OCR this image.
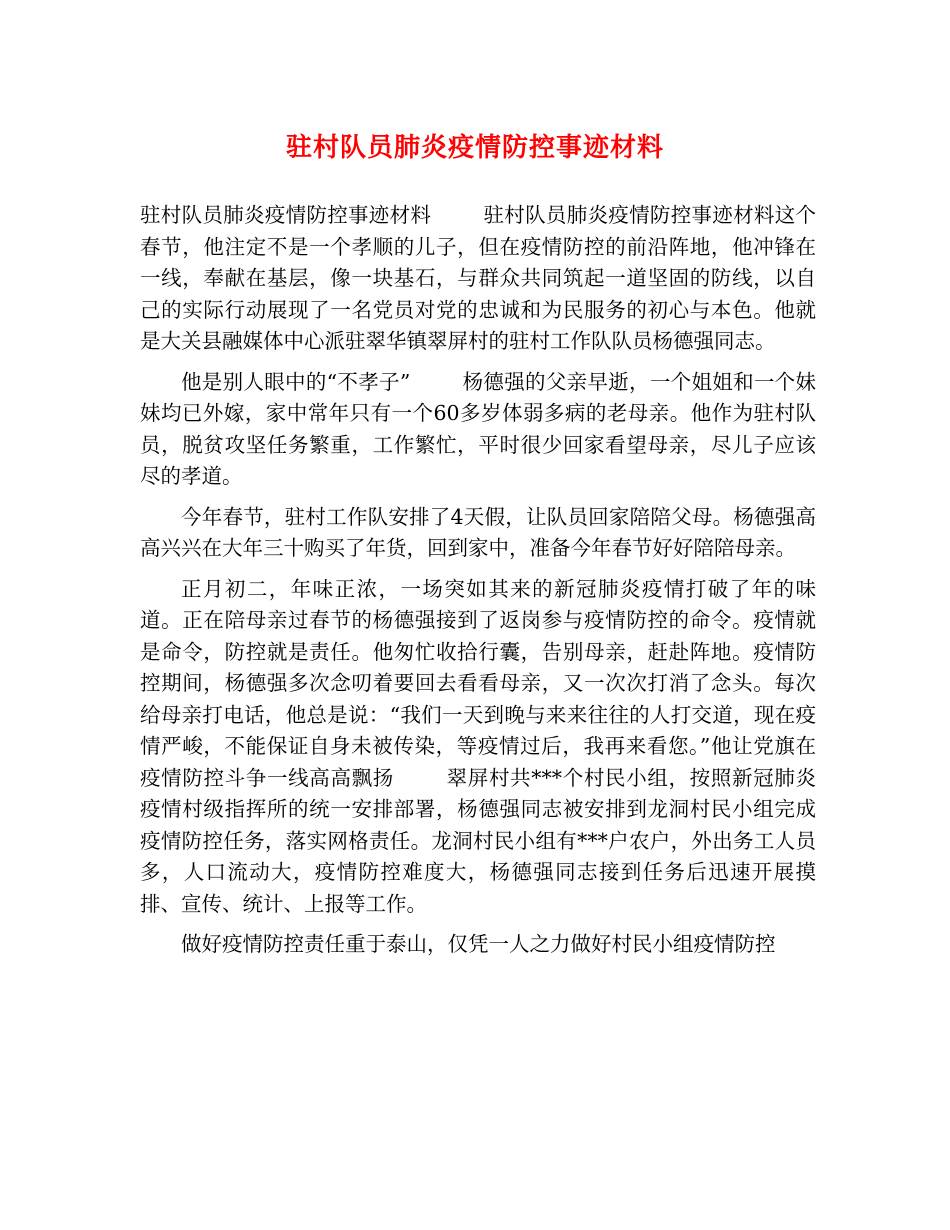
驻村队员肺炎疫情防控事迹材料

驻村队员肺炎疫情防控事迹材料	驻村队员肺炎疫情防控事迹材料这个春节，他注定不是一个孝顺的儿子，但在疫情防控的前沿阵地，他冲锋在一线，奉献在基层，像一块基石，与群众共同筑起一道坚固的防线，以自己的实际行动展现了一名党员对党的忠诚和为民服务的初心与本色。他就是大关县融媒体中心派驻翠华镇翠屏村的驻村工作队队员杨德强同志。

他是别人眼中的“不孝子”	杨德强的父亲早逝，一个姐姐和一个妹妹均已外嫁，家中常年只有一个60多岁体弱多病的老母亲。他作为驻村队员，脱贫攻坚任务繁重，工作繁忙，平时很少回家看望母亲，尽儿子应该尽的孝道。

今年春节，驻村工作队安排了4天假，让队员回家陪陪父母。杨德强高高兴兴在大年三十购买了年货，回到家中，准备今年春节好好陪陪母亲。

正月初二，年味正浓，一场突如其来的新冠肺炎疫情打破了年的味道。正在陪母亲过春节的杨德强接到了返岗参与疫情防控的命令。疫情就是命令，防控就是责任。他匆忙收拾行囊，告别母亲，赶赴阵地。疫情防控期间，杨德强多次念叨着要回去看看母亲，又一次次打消了念头。每次给母亲打电话，他总是说：“我们一天到晚与来来往往的人打交道，现在疫情严峻，不能保证自身未被传染，等疫情过后，我再来看您。”他让党旗在疫情防控斗争一线高高飘扬	翠屏村共***个村民小组，按照新冠肺炎疫情村级指挥所的统一安排部署，杨德强同志被安排到龙洞村民小组完成疫情防控任务，落实网格责任。龙洞村民小组有***户农户，外出务工人员多，人口流动大，疫情防控难度大，杨德强同志接到任务后迅速开展摸排、宣传、统计、上报等工作。

做好疫情防控责任重于泰山，仅凭一人之力做好村民小组疫情防控
